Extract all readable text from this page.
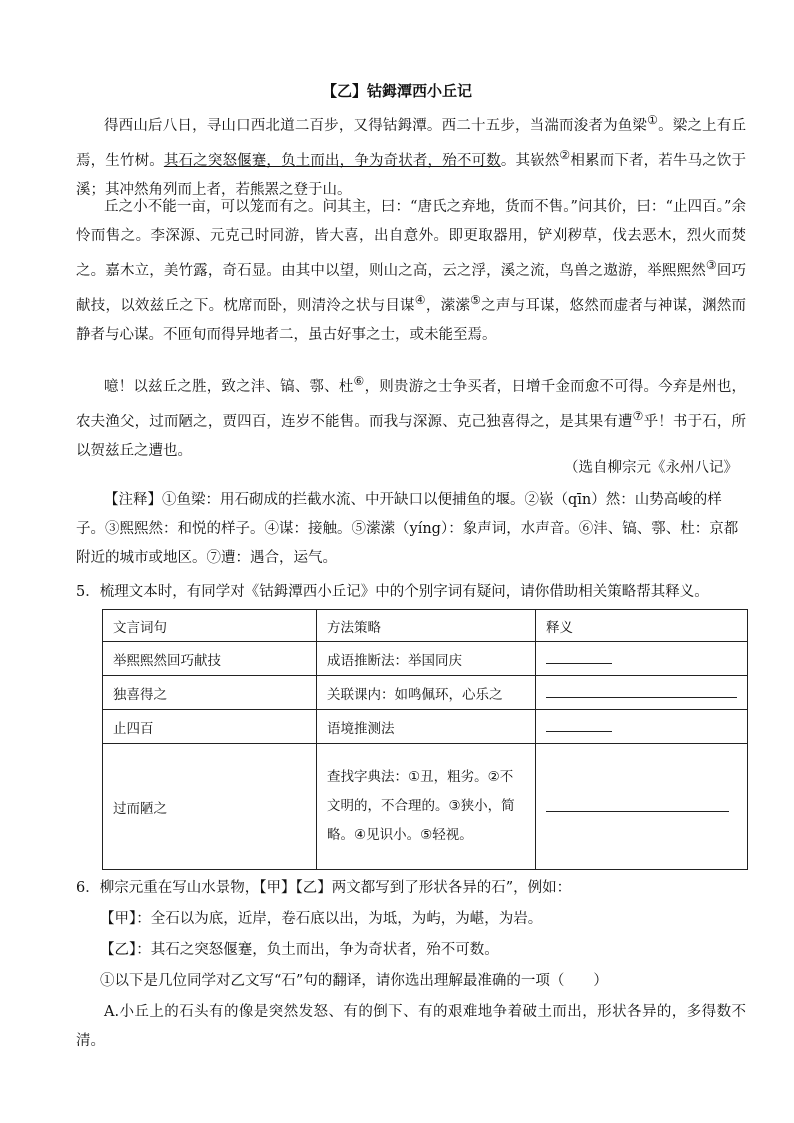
【乙】钴鉧潭西小丘记

得西山后八日，寻山口西北道二百步，又得钴鉧潭。西二十五步，当湍而浚者为鱼梁①。梁之上有丘焉，生竹树。其石之突怒偃蹇，负土而出，争为奇状者，殆不可数。其嵚然②相累而下者，若牛马之饮于溪；其冲然角列而上者，若熊罴之登于山。

丘之小不能一亩，可以笼而有之。问其主，曰：“唐氏之弃地，货而不售。”问其价，曰：“止四百。”余怜而售之。李深源、元克己时同游，皆大喜，出自意外。即更取器用，铲刈秽草，伐去恶木，烈火而焚之。嘉木立，美竹露，奇石显。由其中以望，则山之高，云之浮，溪之流，鸟兽之遨游，举熙熙然③回巧献技，以效兹丘之下。枕席而卧，则清泠之状与目谋④，潆潆⑤之声与耳谋，悠然而虚者与神谋，渊然而静者与心谋。不匝旬而得异地者二，虽古好事之士，或未能至焉。

噫！以兹丘之胜，致之沣、镐、鄠、杜⑥，则贵游之士争买者，日增千金而愈不可得。今弃是州也，农夫渔父，过而陋之，贾四百，连岁不能售。而我与深源、克己独喜得之，是其果有遭⑦乎！书于石，所以贺兹丘之遭也。

（选自柳宗元《永州八记》

【注释】①鱼梁：用石砌成的拦截水流、中开缺口以便捕鱼的堰。②嵚（qīn）然：山势高峻的样子。③熙熙然：和悦的样子。④谋：接触。⑤潆潆（yíng）：象声词，水声音。⑥沣、镐、鄠、杜：京都附近的城市或地区。⑦遭：遇合，运气。

5．梳理文本时，有同学对《钴鉧潭西小丘记》中的个别字词有疑问，请你借助相关策略帮其释义。

文言词句	方法策略	释义
举熙熙然回巧献技	成语推断法：举国同庆	
独喜得之	关联课内：如鸣佩环，心乐之	
止四百	语境推测法	
过而陋之	查找字典法：①丑，粗劣。②不文明的，不合理的。③狭小，简略。④见识小。⑤轻视。	

6．柳宗元重在写山水景物，【甲】【乙】两文都写到了形状各异的石”，例如：

【甲】：全石以为底，近岸，卷石底以出，为坻，为屿，为嵁，为岩。

【乙】：其石之突怒偃蹇，负土而出，争为奇状者，殆不可数。

①以下是几位同学对乙文写“石”句的翻译，请你选出理解最准确的一项（　　）

A.小丘上的石头有的像是突然发怒、有的倒下、有的艰难地争着破土而出，形状各异的，多得数不清。
